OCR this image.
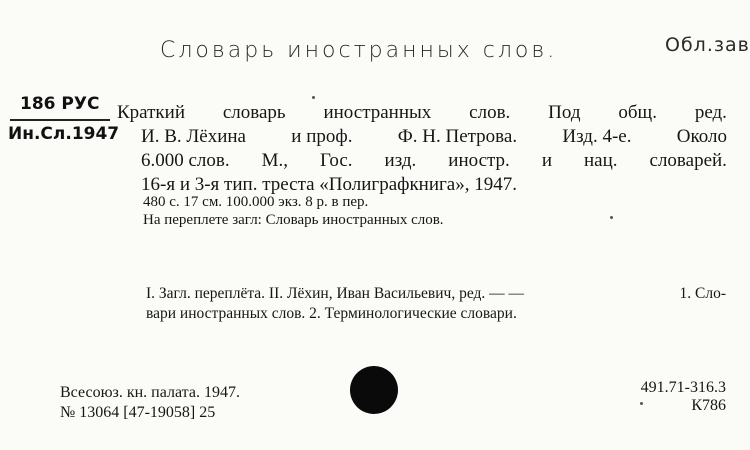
Словарь иностранных слов.	Обл.зав
186 РУС
Ин.Сл.1947
Краткий словарь иностранных слов. Под общ. ред.
И. В. Лёхина и проф. Ф. Н. Петрова. Изд. 4-е. Около
6.000 слов. М., Гос. изд. иностр. и нац. словарей.
16-я и 3-я тип. треста «Полиграфкнига», 1947.
480 с. 17 см. 100.000 экз. 8 р. в пер.
На переплете загл: Словарь иностранных слов.
I. Загл. переплёта. II. Лёхин, Иван Васильевич, ред. — —	1. Сло-
вари иностранных слов. 2. Терминологические словари.
Всесоюз. кн. палата. 1947.
№ 13064 [47-19058] 25
491.71-316.3
К786
